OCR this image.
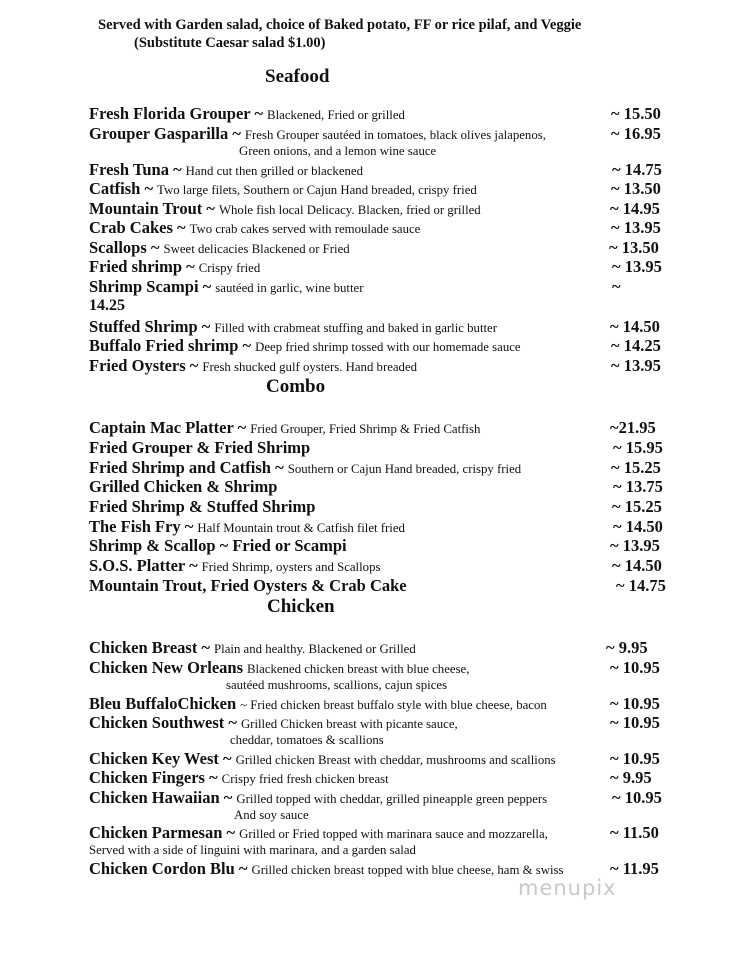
Served with Garden salad, choice of Baked potato, FF or rice pilaf, and Veggie
(Substitute Caesar salad $1.00)
Seafood
Fresh Florida Grouper ~ Blackened, Fried or grilled	~ 15.50
Grouper Gasparilla ~ Fresh Grouper sautéed in tomatoes, black olives jalapenos,	~ 16.95
Green onions, and a lemon wine sauce
Fresh Tuna ~ Hand cut then grilled or blackened	~ 14.75
Catfish ~ Two large filets, Southern or Cajun Hand breaded, crispy fried	~ 13.50
Mountain Trout ~ Whole fish local Delicacy. Blacken, fried or grilled	~ 14.95
Crab Cakes ~ Two crab cakes served with remoulade sauce	~ 13.95
Scallops ~ Sweet delicacies Blackened or Fried	~ 13.50
Fried shrimp ~ Crispy fried	~ 13.95
Shrimp Scampi ~ sautéed in garlic, wine butter	~
14.25
Stuffed Shrimp ~ Filled with crabmeat stuffing and baked in garlic butter	~ 14.50
Buffalo Fried shrimp ~ Deep fried shrimp tossed with our homemade sauce	~ 14.25
Fried Oysters ~ Fresh shucked gulf oysters. Hand breaded	~ 13.95
Combo
Captain Mac Platter ~ Fried Grouper, Fried Shrimp & Fried Catfish	~21.95
Fried Grouper & Fried Shrimp	~ 15.95
Fried Shrimp and Catfish ~ Southern or Cajun Hand breaded, crispy fried	~ 15.25
Grilled Chicken & Shrimp	~ 13.75
Fried Shrimp & Stuffed Shrimp	~ 15.25
The Fish Fry ~ Half Mountain trout & Catfish filet fried	~ 14.50
Shrimp & Scallop ~ Fried or Scampi	~ 13.95
S.O.S. Platter ~ Fried Shrimp, oysters and Scallops	~ 14.50
Mountain Trout, Fried Oysters & Crab Cake	~ 14.75
Chicken
Chicken Breast ~ Plain and healthy. Blackened or Grilled	~ 9.95
Chicken New Orleans Blackened chicken breast with blue cheese,	~ 10.95
sautéed mushrooms, scallions, cajun spices
Bleu BuffaloChicken ~ Fried chicken breast buffalo style with blue cheese, bacon	~ 10.95
Chicken Southwest ~ Grilled Chicken breast with picante sauce,	~ 10.95
cheddar, tomatoes & scallions
Chicken Key West ~ Grilled chicken Breast with cheddar, mushrooms and scallions	~ 10.95
Chicken Fingers ~ Crispy fried fresh chicken breast	~ 9.95
Chicken Hawaiian ~ Grilled topped with cheddar, grilled pineapple green peppers	~ 10.95
And soy sauce
Chicken Parmesan ~ Grilled or Fried topped with marinara sauce and mozzarella,	~ 11.50
Served with a side of linguini with marinara, and a garden salad
Chicken Cordon Blu ~ Grilled chicken breast topped with blue cheese, ham & swiss	~ 11.95
menupix
